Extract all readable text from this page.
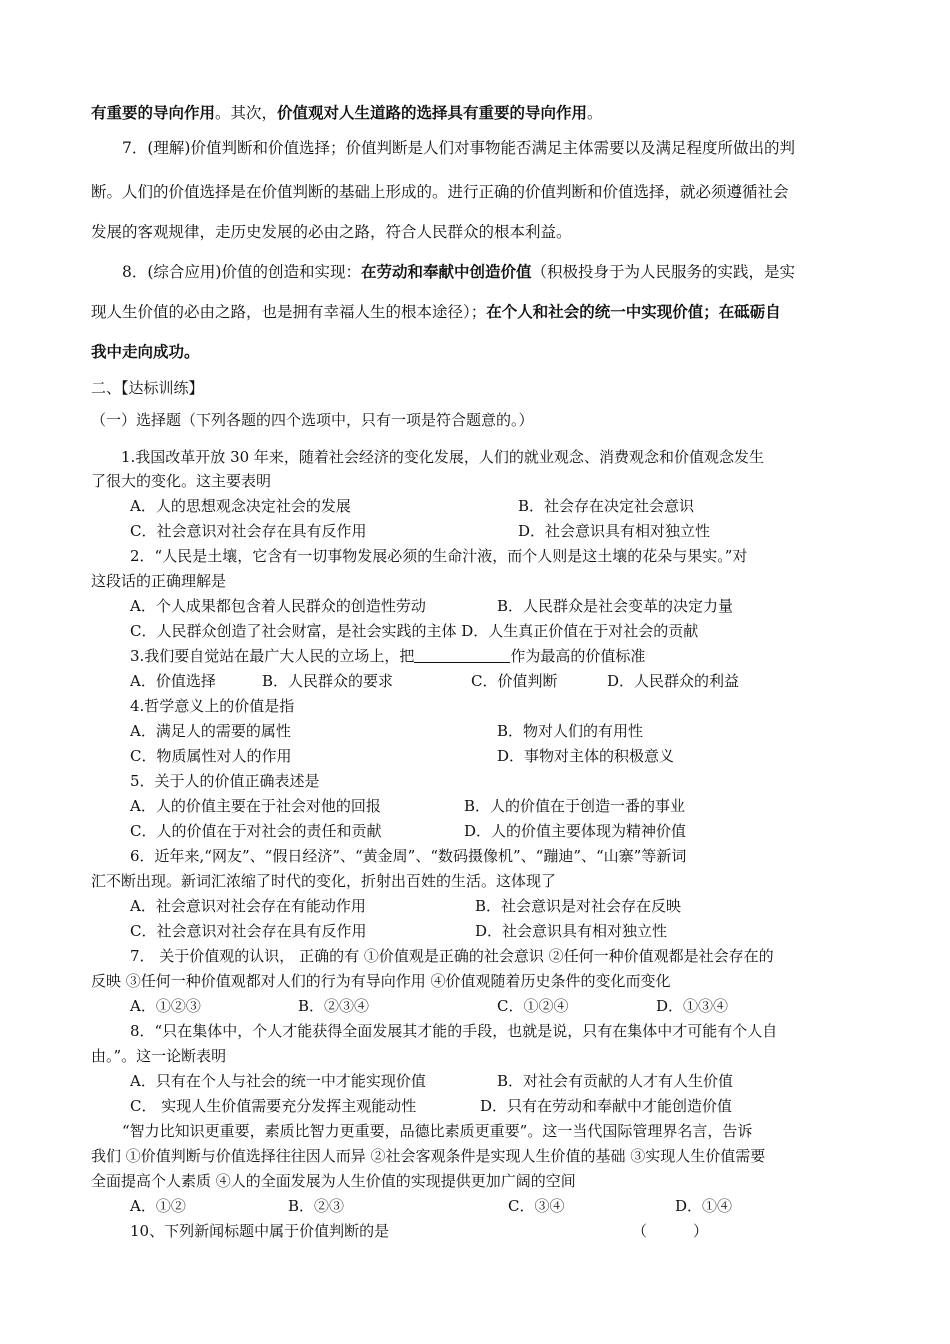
有重要的导向作用。其次，价值观对人生道路的选择具有重要的导向作用。
7．(理解)价值判断和价值选择；价值判断是人们对事物能否满足主体需要以及满足程度所做出的判
断。人们的价值选择是在价值判断的基础上形成的。进行正确的价值判断和价值选择，就必须遵循社会
发展的客观规律，走历史发展的必由之路，符合人民群众的根本利益。
8．(综合应用)价值的创造和实现：在劳动和奉献中创造价值（积极投身于为人民服务的实践，是实
现人生价值的必由之路，也是拥有幸福人生的根本途径）；在个人和社会的统一中实现价值；在砥砺自
我中走向成功。
二、【达标训练】
（一）选择题（下列各题的四个选项中，只有一项是符合题意的。）
1.我国改革开放 30 年来，随着社会经济的变化发展，人们的就业观念、消费观念和价值观念发生
了很大的变化。这主要表明
A．人的思想观念决定社会的发展	B．社会存在决定社会意识
C．社会意识对社会存在具有反作用	D．社会意识具有相对独立性
2．“人民是土壤，它含有一切事物发展必须的生命汁液，而个人则是这土壤的花朵与果实。”对
这段话的正确理解是
A．个人成果都包含着人民群众的创造性劳动	B．人民群众是社会变革的决定力量
C．人民群众创造了社会财富，是社会实践的主体 D．人生真正价值在于对社会的贡献
3.我们要自觉站在最广大人民的立场上，把	作为最高的价值标准
A．价值选择	B．人民群众的要求	C．价值判断	D．人民群众的利益
4.哲学意义上的价值是指
A．满足人的需要的属性	B．物对人们的有用性
C．物质属性对人的作用	D．事物对主体的积极意义
5．关于人的价值正确表述是
A．人的价值主要在于社会对他的回报	B．人的价值在于创造一番的事业
C．人的价值在于对社会的责任和贡献	D．人的价值主要体现为精神价值
6．近年来,“网友”、“假日经济”、“黄金周”、“数码摄像机”、“蹦迪”、“山寨”等新词
汇不断出现。新词汇浓缩了时代的变化，折射出百姓的生活。这体现了
A．社会意识对社会存在有能动作用	B．社会意识是对社会存在反映
C．社会意识对社会存在具有反作用	D．社会意识具有相对独立性
7． 关于价值观的认识， 正确的有 ①价值观是正确的社会意识 ②任何一种价值观都是社会存在的
反映 ③任何一种价值观都对人们的行为有导向作用 ④价值观随着历史条件的变化而变化
A．①②③	B．②③④	C．①②④	D．①③④
8．“只在集体中，个人才能获得全面发展其才能的手段，也就是说，只有在集体中才可能有个人自
由。”。这一论断表明
A．只有在个人与社会的统一中才能实现价值	B．对社会有贡献的人才有人生价值
C． 实现人生价值需要充分发挥主观能动性	D．只有在劳动和奉献中才能创造价值
“智力比知识更重要，素质比智力更重要，品德比素质更重要”。这一当代国际管理界名言，告诉
我们 ①价值判断与价值选择往往因人而异 ②社会客观条件是实现人生价值的基础 ③实现人生价值需要
全面提高个人素质 ④人的全面发展为人生价值的实现提供更加广阔的空间
A．①②	B．②③	C．③④	D．①④
10、下列新闻标题中属于价值判断的是	（	）
